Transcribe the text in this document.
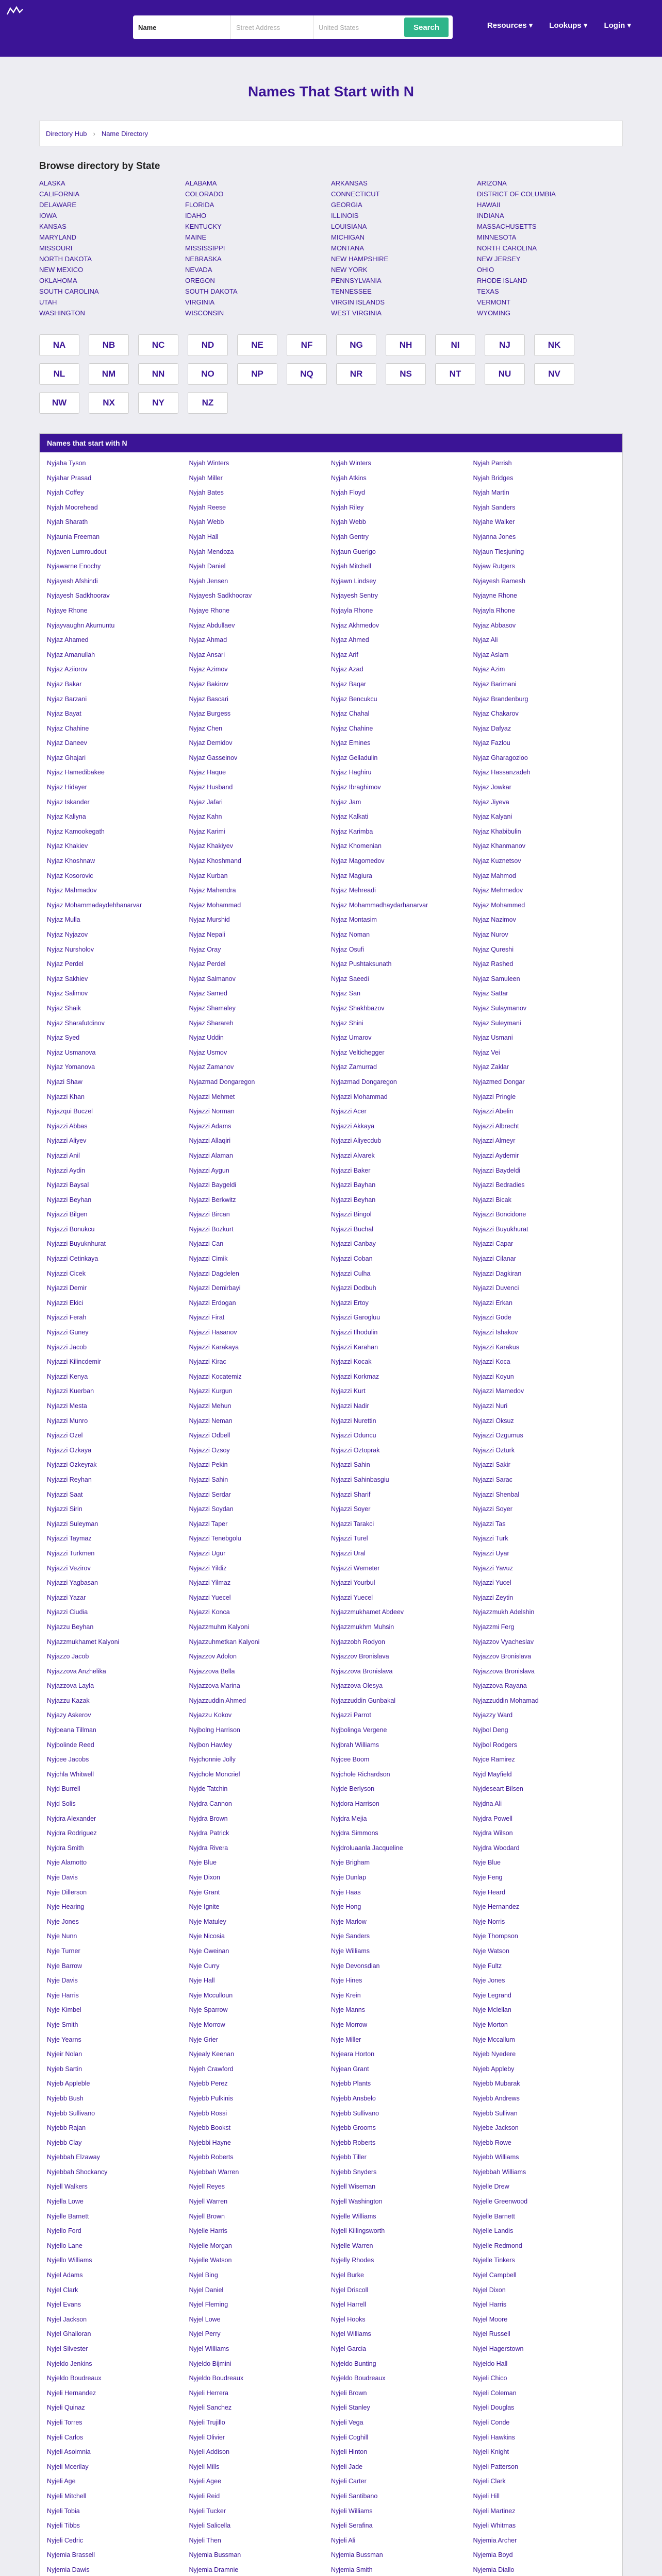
Name	Street Address	United States	Search	Resources ▾ Lookups ▾ Login ▾
Names That Start with N
Directory Hub › Name Directory
Browse directory by State
ALASKA	ALABAMA	ARKANSAS	ARIZONA
CALIFORNIA	COLORADO	CONNECTICUT	DISTRICT OF COLUMBIA
DELAWARE	FLORIDA	GEORGIA	HAWAII
IOWA	IDAHO	ILLINOIS	INDIANA
KANSAS	KENTUCKY	LOUISIANA	MASSACHUSETTS
MARYLAND	MAINE	MICHIGAN	MINNESOTA
MISSOURI	MISSISSIPPI	MONTANA	NORTH CAROLINA
NORTH DAKOTA	NEBRASKA	NEW HAMPSHIRE	NEW JERSEY
NEW MEXICO	NEVADA	NEW YORK	OHIO
OKLAHOMA	OREGON	PENNSYLVANIA	RHODE ISLAND
SOUTH CAROLINA	SOUTH DAKOTA	TENNESSEE	TEXAS
UTAH	VIRGINIA	VIRGIN ISLANDS	VERMONT
WASHINGTON	WISCONSIN	WEST VIRGINIA	WYOMING
NA	NB	NC	ND	NE	NF	NG	NH	NI	NJ	NK
NL	NM	NN	NO	NP	NQ	NR	NS	NT	NU	NV
NW	NX	NY	NZ
Names that start with N
Nyjaha Tyson	Nyjah Winters	Nyjah Winters	Nyjah Parrish
Nyjahar Prasad	Nyjah Miller	Nyjah Atkins	Nyjah Bridges
Nyjah Coffey	Nyjah Bates	Nyjah Floyd	Nyjah Martin
Nyjah Moorehead	Nyjah Reese	Nyjah Riley	Nyjah Sanders
Nyjah Sharath	Nyjah Webb	Nyjah Webb	Nyjahe Walker
Nyjaunia Freeman	Nyjah Hall	Nyjah Gentry	Nyjanna Jones
Nyjaven Lumroudout	Nyjah Mendoza	Nyjaun Guerigo	Nyjaun Tiesjuning
Nyjawarne Enochy	Nyjah Daniel	Nyjah Mitchell	Nyjaw Rutgers
Nyjayesh Afshindi	Nyjah Jensen	Nyjawn Lindsey	Nyjayesh Ramesh
Nyjayesh Sadkhoorav	Nyjayesh Sadkhoorav	Nyjayesh Sentry	Nyjayne Rhone
Nyjaye Rhone	Nyjaye Rhone	Nyjayla Rhone	Nyjayla Rhone
Nyjayvaughn Akumuntu	Nyjaz Abdullaev	Nyjaz Akhmedov	Nyjaz Abbasov
Nyjaz Ahamed	Nyjaz Ahmad	Nyjaz Ahmed	Nyjaz Ali
Nyjaz Amanullah	Nyjaz Ansari	Nyjaz Arif	Nyjaz Aslam
Nyjaz Aziiorov	Nyjaz Azimov	Nyjaz Azad	Nyjaz Azim
Nyjaz Bakar	Nyjaz Bakirov	Nyjaz Baqar	Nyjaz Barimani
Nyjaz Barzani	Nyjaz Bascari	Nyjaz Bencukcu	Nyjaz Brandenburg
Nyjaz Bayat	Nyjaz Burgess	Nyjaz Chahal	Nyjaz Chakarov
Nyjaz Chahine	Nyjaz Chen	Nyjaz Chahine	Nyjaz Dafyaz
Nyjaz Daneev	Nyjaz Demidov	Nyjaz Emines	Nyjaz Fazlou
Nyjaz Ghajari	Nyjaz Gasseinov	Nyjaz Gelladulin	Nyjaz Gharagozloo
Nyjaz Hamedibakee	Nyjaz Haque	Nyjaz Haghiru	Nyjaz Hassanzadeh
Nyjaz Hidayer	Nyjaz Husband	Nyjaz Ibraghimov	Nyjaz Jowkar
Nyjaz Iskander	Nyjaz Jafari	Nyjaz Jam	Nyjaz Jiyeva
Nyjaz Kaliyna	Nyjaz Kahn	Nyjaz Kalkati	Nyjaz Kalyani
Nyjaz Kamookegath	Nyjaz Karimi	Nyjaz Karimba	Nyjaz Khabibulin
Nyjaz Khakiev	Nyjaz Khakiyev	Nyjaz Khomenian	Nyjaz Khanmanov
Nyjaz Khoshnaw	Nyjaz Khoshmand	Nyjaz Magomedov	Nyjaz Kuznetsov
Nyjaz Kosorovic	Nyjaz Kurban	Nyjaz Magiura	Nyjaz Mahmod
Nyjaz Mahmadov	Nyjaz Mahendra	Nyjaz Mehreadi	Nyjaz Mehmedov
Nyjaz Mohammadaydehhanarvar	Nyjaz Mohammad	Nyjaz Mohammadhaydarhanarvar	Nyjaz Mohammed
Nyjaz Mulla	Nyjaz Murshid	Nyjaz Montasim	Nyjaz Nazimov
Nyjaz Nyjazov	Nyjaz Nepali	Nyjaz Noman	Nyjaz Nurov
Nyjaz Nursholov	Nyjaz Oray	Nyjaz Osufi	Nyjaz Qureshi
Nyjaz Perdel	Nyjaz Perdel	Nyjaz Pushtaksunath	Nyjaz Rashed
Nyjaz Sakhiev	Nyjaz Salmanov	Nyjaz Saeedi	Nyjaz Samuleen
Nyjaz Salimov	Nyjaz Samed	Nyjaz San	Nyjaz Sattar
Nyjaz Shaik	Nyjaz Shamaley	Nyjaz Shakhbazov	Nyjaz Sulaymanov
Nyjaz Sharafutdinov	Nyjaz Sharareh	Nyjaz Shini	Nyjaz Suleymani
Nyjaz Syed	Nyjaz Uddin	Nyjaz Umarov	Nyjaz Usmani
Nyjaz Usmanova	Nyjaz Usmov	Nyjaz Veltichegger	Nyjaz Vei
Nyjaz Yomanova	Nyjaz Zamanov	Nyjaz Zamurrad	Nyjaz Zaklar
Nyjazi Shaw	Nyjazmad Dongaregon	Nyjazmad Dongaregon	Nyjazmed Dongar
Nyjazzi Khan	Nyjazzi Mehmet	Nyjazzi Mohammad	Nyjazzi Pringle
Nyjazqui Buczel	Nyjazzi Norman	Nyjazzi Acer	Nyjazzi Abelin
Nyjazzi Abbas	Nyjazzi Adams	Nyjazzi Akkaya	Nyjazzi Albrecht
Nyjazzi Aliyev	Nyjazzi Allaqiri	Nyjazzi Aliyecdub	Nyjazzi Almeyr
Nyjazzi Anil	Nyjazzi Alaman	Nyjazzi Alvarek	Nyjazzi Aydemir
Nyjazzi Aydin	Nyjazzi Aygun	Nyjazzi Baker	Nyjazzi Baydeldi
Nyjazzi Baysal	Nyjazzi Baygeldi	Nyjazzi Bayhan	Nyjazzi Bedradies
Nyjazzi Beyhan	Nyjazzi Berkwitz	Nyjazzi Beyhan	Nyjazzi Bicak
Nyjazzi Bilgen	Nyjazzi Bircan	Nyjazzi Bingol	Nyjazzi Boncidone
Nyjazzi Bonukcu	Nyjazzi Bozkurt	Nyjazzi Buchal	Nyjazzi Buyukhurat
Nyjazzi Buyuknhurat	Nyjazzi Can	Nyjazzi Canbay	Nyjazzi Capar
Nyjazzi Cetinkaya	Nyjazzi Cimik	Nyjazzi Coban	Nyjazzi Cilanar
Nyjazzi Cicek	Nyjazzi Dagdelen	Nyjazzi Culha	Nyjazzi Dagkiran
Nyjazzi Demir	Nyjazzi Demirbayi	Nyjazzi Dodbuh	Nyjazzi Duvenci
Nyjazzi Ekici	Nyjazzi Erdogan	Nyjazzi Ertoy	Nyjazzi Erkan
Nyjazzi Ferah	Nyjazzi Firat	Nyjazzi Garogluu	Nyjazzi Gode
Nyjazzi Guney	Nyjazzi Hasanov	Nyjazzi Ilhodulin	Nyjazzi Ishakov
Nyjazzi Jacob	Nyjazzi Karakaya	Nyjazzi Karahan	Nyjazzi Karakus
Nyjazzi Kilincdemir	Nyjazzi Kirac	Nyjazzi Kocak	Nyjazzi Koca
Nyjazzi Kenya	Nyjazzi Kocatemiz	Nyjazzi Korkmaz	Nyjazzi Koyun
Nyjazzi Kuerban	Nyjazzi Kurgun	Nyjazzi Kurt	Nyjazzi Mamedov
Nyjazzi Mesta	Nyjazzi Mehun	Nyjazzi Nadir	Nyjazzi Nuri
Nyjazzi Munro	Nyjazzi Neman	Nyjazzi Nurettin	Nyjazzi Oksuz
Nyjazzi Ozel	Nyjazzi Odbell	Nyjazzi Oduncu	Nyjazzi Ozgumus
Nyjazzi Ozkaya	Nyjazzi Ozsoy	Nyjazzi Oztoprak	Nyjazzi Ozturk
Nyjazzi Ozkeyrak	Nyjazzi Pekin	Nyjazzi Sahin	Nyjazzi Sakir
Nyjazzi Reyhan	Nyjazzi Sahin	Nyjazzi Sahinbasgiu	Nyjazzi Sarac
Nyjazzi Saat	Nyjazzi Serdar	Nyjazzi Sharif	Nyjazzi Shenbal
Nyjazzi Sirin	Nyjazzi Soydan	Nyjazzi Soyer	Nyjazzi Soyer
Nyjazzi Suleyman	Nyjazzi Taper	Nyjazzi Tarakci	Nyjazzi Tas
Nyjazzi Taymaz	Nyjazzi Tenebgolu	Nyjazzi Turel	Nyjazzi Turk
Nyjazzi Turkmen	Nyjazzi Ugur	Nyjazzi Ural	Nyjazzi Uyar
Nyjazzi Vezirov	Nyjazzi Yildiz	Nyjazzi Wemeter	Nyjazzi Yavuz
Nyjazzi Yagbasan	Nyjazzi Yilmaz	Nyjazzi Yourbul	Nyjazzi Yucel
Nyjazzi Yazar	Nyjazzi Yuecel	Nyjazzi Yuecel	Nyjazzi Zeytin
Nyjazzi Ciudia	Nyjazzi Konca	Nyjazzmukhamet Abdeev	Nyjazzmukh Adelshin
Nyjazzu Beyhan	Nyjazzmuhm Kalyoni	Nyjazzmukhm Muhsin	Nyjazzmi Ferg
Nyjazzmukhamet Kalyoni	Nyjazzuhmetkan Kalyoni	Nyjazzobh Rodyon	Nyjazzov Vyacheslav
Nyjazzo Jacob	Nyjazzov Adolon	Nyjazzov Bronislava	Nyjazzov Bronislava
Nyjazzova Anzhelika	Nyjazzova Bella	Nyjazzova Bronislava	Nyjazzova Bronislava
Nyjazzova Layla	Nyjazzova Marina	Nyjazzova Olesya	Nyjazzova Rayana
Nyjazzu Kazak	Nyjazzuddin Ahmed	Nyjazzuddin Gunbakal	Nyjazzuddin Mohamad
Nyjazy Askerov	Nyjazzu Kokov	Nyjazzi Parrot	Nyjazzy Ward
Nyjbeana Tillman	Nyjbolng Harrison	Nyjbolinga Vergene	Nyjbol Deng
Nyjbolinde Reed	Nyjbon Hawley	Nyjbrah Williams	Nyjbol Rodgers
Nyjcee Jacobs	Nyjchonnie Jolly	Nyjcee Boom	Nyjce Ramirez
Nyjchla Whitwell	Nyjchole Moncrief	Nyjchole Richardson	Nyjd Mayfield
Nyjd Burrell	Nyjde Tatchin	Nyjde Berlyson	Nyjdeseart Bilsen
Nyjd Solis	Nyjdra Cannon	Nyjdora Harrison	Nyjdna Ali
Nyjdra Alexander	Nyjdra Brown	Nyjdra Mejia	Nyjdra Powell
Nyjdra Rodriguez	Nyjdra Patrick	Nyjdra Simmons	Nyjdra Wilson
Nyjdra Smith	Nyjdra Rivera	Nyjdroluaanla Jacqueline	Nyjdra Woodard
Nyje Alamotto	Nyje Blue	Nyje Brigham	Nyje Blue
Nyje Davis	Nyje Dixon	Nyje Dunlap	Nyje Feng
Nyje Dillerson	Nyje Grant	Nyje Haas	Nyje Heard
Nyje Hearing	Nyje Ignite	Nyje Hong	Nyje Hernandez
Nyje Jones	Nyje Matuley	Nyje Marlow	Nyje Norris
Nyje Nunn	Nyje Nicosia	Nyje Sanders	Nyje Thompson
Nyje Turner	Nyje Oweinan	Nyje Williams	Nyje Watson
Nyje Barrow	Nyje Curry	Nyje Devonsdian	Nyje Fultz
Nyje Davis	Nyje Hall	Nyje Hines	Nyje Jones
Nyje Harris	Nyje Mcculloun	Nyje Krein	Nyje Legrand
Nyje Kimbel	Nyje Sparrow	Nyje Manns	Nyje Mclellan
Nyje Smith	Nyje Morrow	Nyje Morrow	Nyje Morton
Nyje Yearns	Nyje Grier	Nyje Miller	Nyje Mccallum
Nyjeir Nolan	Nyjealy Keenan	Nyjeara Horton	Nyjeb Nyedere
Nyjeb Sartin	Nyjeh Crawford	Nyjean Grant	Nyjeb Appleby
Nyjeb Appleble	Nyjebb Perez	Nyjebb Plants	Nyjebb Mubarak
Nyjebb Bush	Nyjebb Pulkinis	Nyjebb Ansbelo	Nyjebb Andrews
Nyjebb Sullivano	Nyjebb Rossi	Nyjebb Sullivano	Nyjebb Sullivan
Nyjebb Rajan	Nyjebb Bookst	Nyjebb Grooms	Nyjebe Jackson
Nyjebb Clay	Nyjebbi Hayne	Nyjebb Roberts	Nyjebb Rowe
Nyjebbah Elzaway	Nyjebb Roberts	Nyjebb Tiller	Nyjebb Williams
Nyjebbah Shockancy	Nyjebbah Warren	Nyjebb Snyders	Nyjebbah Williams
Nyjell Walkers	Nyjell Reyes	Nyjell Wiseman	Nyjelle Drew
Nyjella Lowe	Nyjell Warren	Nyjell Washington	Nyjelle Greenwood
Nyjelle Barnett	Nyjell Brown	Nyjelle Williams	Nyjelle Barnett
Nyjello Ford	Nyjelle Harris	Nyjell Killingsworth	Nyjelle Landis
Nyjello Lane	Nyjelle Morgan	Nyjelle Warren	Nyjelle Redmond
Nyjello Williams	Nyjelle Watson	Nyjelly Rhodes	Nyjelle Tinkers
Nyjel Adams	Nyjel Bing	Nyjel Burke	Nyjel Campbell
Nyjel Clark	Nyjel Daniel	Nyjel Driscoll	Nyjel Dixon
Nyjel Evans	Nyjel Fleming	Nyjel Harrell	Nyjel Harris
Nyjel Jackson	Nyjel Lowe	Nyjel Hooks	Nyjel Moore
Nyjel Ghalloran	Nyjel Perry	Nyjel Williams	Nyjel Russell
Nyjel Silvester	Nyjel Williams	Nyjel Garcia	Nyjel Hagerstown
Nyjeldo Jenkins	Nyjeldo Bijmini	Nyjeldo Bunting	Nyjeldo Hall
Nyjeldo Boudreaux	Nyjeldo Boudreaux	Nyjeldo Boudreaux	Nyjeli Chico
Nyjeli Hernandez	Nyjeli Herrera	Nyjeli Brown	Nyjeli Coleman
Nyjeli Quinaz	Nyjeli Sanchez	Nyjeli Stanley	Nyjeli Douglas
Nyjeli Torres	Nyjeli Trujillo	Nyjeli Vega	Nyjeli Conde
Nyjeli Carlos	Nyjeli Olivier	Nyjeli Coghill	Nyjeli Hawkins
Nyjeli Asoimnia	Nyjeli Addison	Nyjeli Hinton	Nyjeli Knight
Nyjeli Mcerilay	Nyjeli Mills	Nyjeli Jade	Nyjeli Patterson
Nyjeli Age	Nyjeli Agee	Nyjeli Carter	Nyjeli Clark
Nyjeli Mitchell	Nyjeli Reid	Nyjeli Santibano	Nyjeli Hill
Nyjeli Tobia	Nyjeli Tucker	Nyjeli Williams	Nyjeli Martinez
Nyjeli Tibbs	Nyjeli Salicella	Nyjeli Serafina	Nyjeli Whitmas
Nyjeli Cedric	Nyjeli Then	Nyjeli Ali	Nyjemia Archer
Nyjemia Brassell	Nyjemia Bussman	Nyjemia Bussman	Nyjemia Boyd
Nyjemia Dawis	Nyjemia Dramnie	Nyjemia Smith	Nyjemia Diallo
